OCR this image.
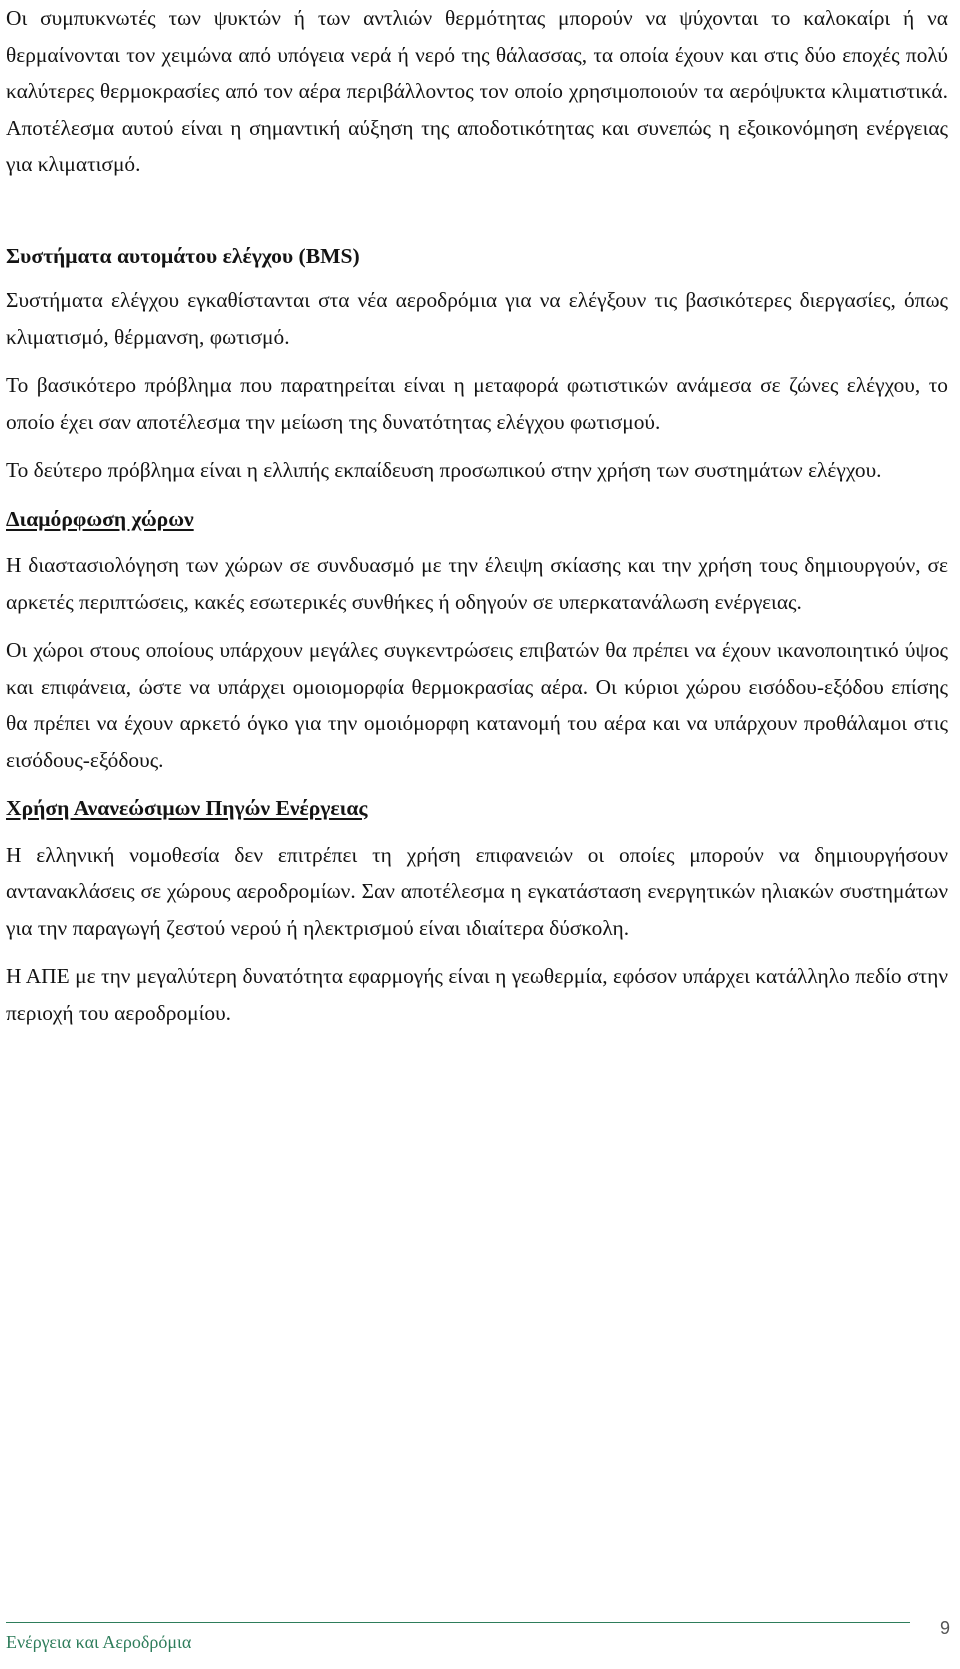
Οι συμπυκνωτές των ψυκτών ή των αντλιών θερμότητας μπορούν να ψύχονται το καλοκαίρι ή να θερμαίνονται τον χειμώνα από υπόγεια νερά ή νερό της θάλασσας, τα οποία έχουν και στις δύο εποχές πολύ καλύτερες θερμοκρασίες από τον αέρα περιβάλλοντος τον οποίο χρησιμοποιούν τα αερόψυκτα κλιματιστικά. Αποτέλεσμα αυτού είναι η σημαντική αύξηση της αποδοτικότητας και συνεπώς η εξοικονόμηση ενέργειας για κλιματισμό.

Συστήματα αυτομάτου ελέγχου (BMS)

Συστήματα ελέγχου εγκαθίστανται στα νέα αεροδρόμια για να ελέγξουν τις βασικότερες διεργασίες, όπως κλιματισμό, θέρμανση, φωτισμό.

Το βασικότερο πρόβλημα που παρατηρείται είναι η μεταφορά φωτιστικών ανάμεσα σε ζώνες ελέγχου, το οποίο έχει σαν αποτέλεσμα την μείωση της δυνατότητας ελέγχου φωτισμού.

Το δεύτερο πρόβλημα είναι η ελλιπής εκπαίδευση προσωπικού στην χρήση των συστημάτων ελέγχου.

Διαμόρφωση χώρων

Η διαστασιολόγηση των χώρων σε συνδυασμό με την έλειψη σκίασης και την χρήση τους δημιουργούν, σε αρκετές περιπτώσεις, κακές εσωτερικές συνθήκες ή οδηγούν σε υπερκατανάλωση ενέργειας.

Οι χώροι στους οποίους υπάρχουν μεγάλες συγκεντρώσεις επιβατών θα πρέπει να έχουν ικανοποιητικό ύψος και επιφάνεια, ώστε να υπάρχει ομοιομορφία θερμοκρασίας αέρα. Οι κύριοι χώρου εισόδου-εξόδου επίσης θα πρέπει να έχουν αρκετό όγκο για την ομοιόμορφη κατανομή του αέρα και να υπάρχουν προθάλαμοι στις εισόδους-εξόδους.

Χρήση Ανανεώσιμων Πηγών Ενέργειας

Η ελληνική νομοθεσία δεν επιτρέπει τη χρήση επιφανειών οι οποίες μπορούν να δημιουργήσουν αντανακλάσεις σε χώρους αεροδρομίων. Σαν αποτέλεσμα η εγκατάσταση ενεργητικών ηλιακών συστημάτων για την παραγωγή ζεστού νερού ή ηλεκτρισμού είναι ιδιαίτερα δύσκολη.

Η ΑΠΕ με την μεγαλύτερη δυνατότητα εφαρμογής είναι η γεωθερμία, εφόσον υπάρχει κατάλληλο πεδίο στην περιοχή του αεροδρομίου.

Ενέργεια και Αεροδρόμια
9
